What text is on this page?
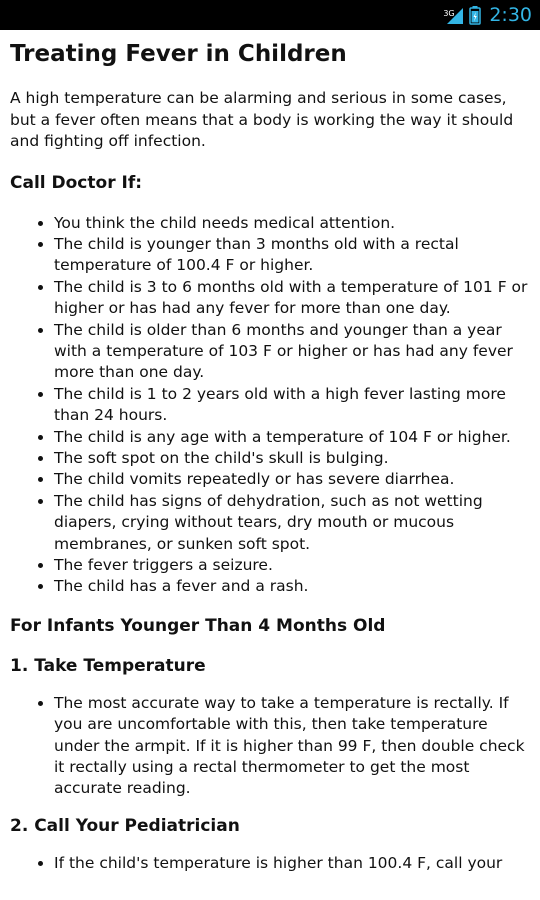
3G 2:30
Treating Fever in Children

A high temperature can be alarming and serious in some cases, but a fever often means that a body is working the way it should and fighting off infection.

Call Doctor If:
• You think the child needs medical attention.
• The child is younger than 3 months old with a rectal temperature of 100.4 F or higher.
• The child is 3 to 6 months old with a temperature of 101 F or higher or has had any fever for more than one day.
• The child is older than 6 months and younger than a year with a temperature of 103 F or higher or has had any fever more than one day.
• The child is 1 to 2 years old with a high fever lasting more than 24 hours.
• The child is any age with a temperature of 104 F or higher.
• The soft spot on the child's skull is bulging.
• The child vomits repeatedly or has severe diarrhea.
• The child has signs of dehydration, such as not wetting diapers, crying without tears, dry mouth or mucous membranes, or sunken soft spot.
• The fever triggers a seizure.
• The child has a fever and a rash.
For Infants Younger Than 4 Months Old
1. Take Temperature
• The most accurate way to take a temperature is rectally. If you are uncomfortable with this, then take temperature under the armpit. If it is higher than 99 F, then double check it rectally using a rectal thermometer to get the most accurate reading.
2. Call Your Pediatrician
• If the child's temperature is higher than 100.4 F, call your
